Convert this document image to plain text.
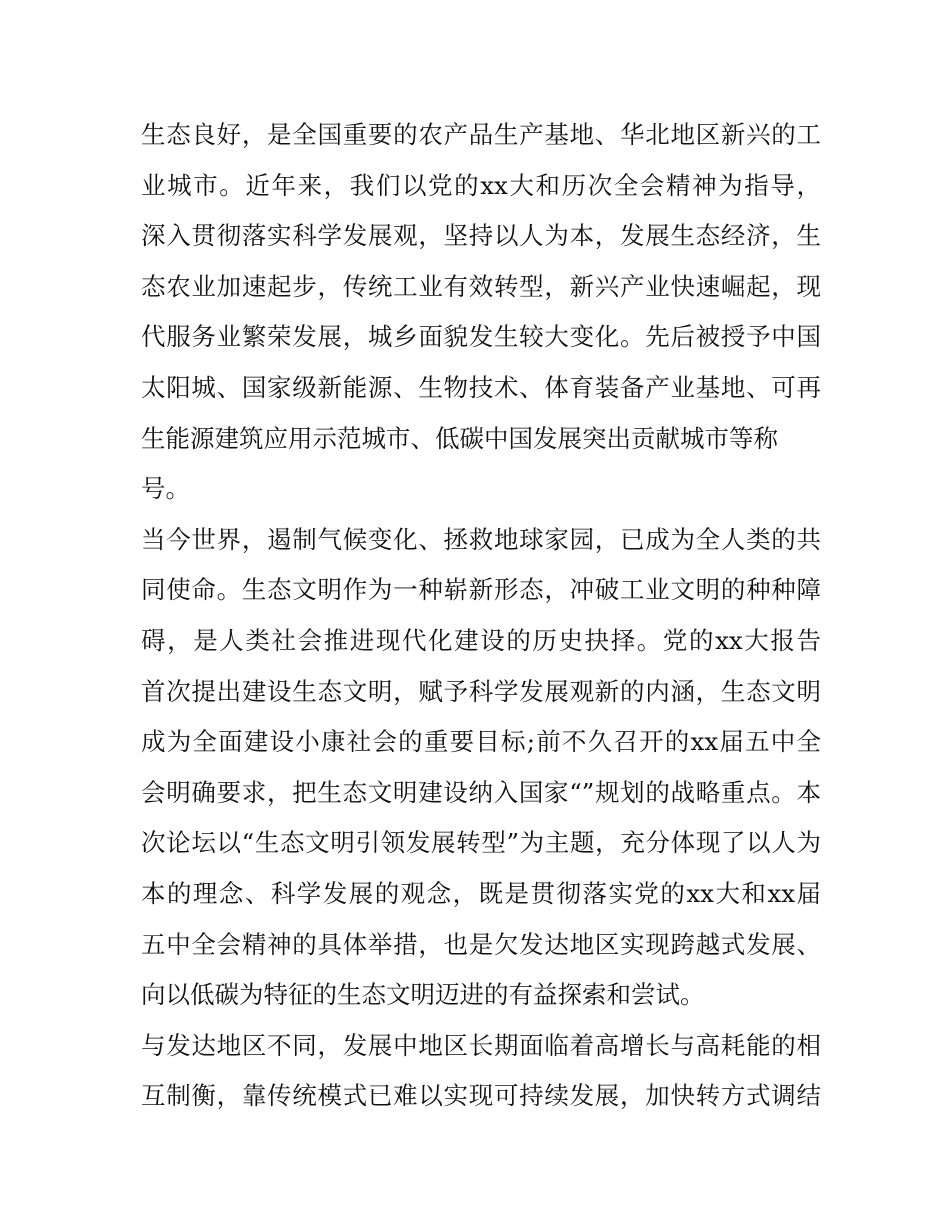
生态良好，是全国重要的农产品生产基地、华北地区新兴的工
业城市。近年来，我们以党的xx大和历次全会精神为指导，
深入贯彻落实科学发展观，坚持以人为本，发展生态经济，生
态农业加速起步，传统工业有效转型，新兴产业快速崛起，现
代服务业繁荣发展，城乡面貌发生较大变化。先后被授予中国
太阳城、国家级新能源、生物技术、体育装备产业基地、可再
生能源建筑应用示范城市、低碳中国发展突出贡献城市等称
号。
当今世界，遏制气候变化、拯救地球家园，已成为全人类的共
同使命。生态文明作为一种崭新形态，冲破工业文明的种种障
碍，是人类社会推进现代化建设的历史抉择。党的xx大报告
首次提出建设生态文明，赋予科学发展观新的内涵，生态文明
成为全面建设小康社会的重要目标;前不久召开的xx届五中全
会明确要求，把生态文明建设纳入国家“”规划的战略重点。本
次论坛以“生态文明引领发展转型”为主题，充分体现了以人为
本的理念、科学发展的观念，既是贯彻落实党的xx大和xx届
五中全会精神的具体举措，也是欠发达地区实现跨越式发展、
向以低碳为特征的生态文明迈进的有益探索和尝试。
与发达地区不同，发展中地区长期面临着高增长与高耗能的相
互制衡，靠传统模式已难以实现可持续发展，加快转方式调结
